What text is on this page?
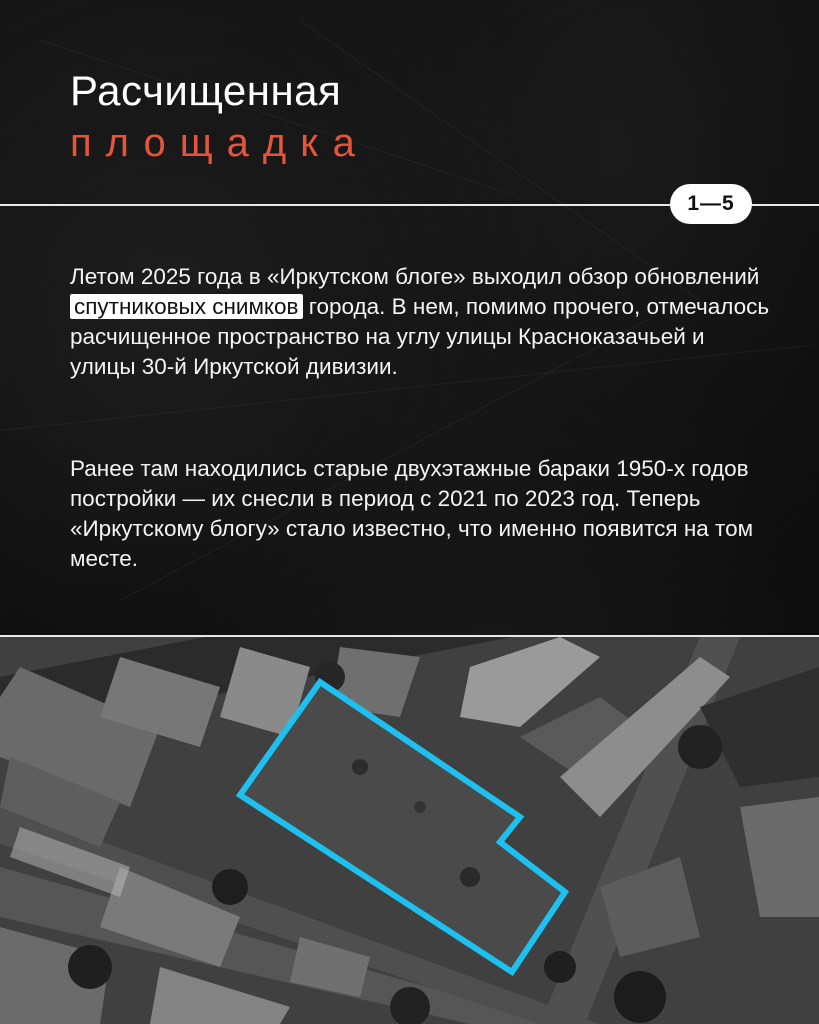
Расчищенная
площадка
1—5
Летом 2025 года в «Иркутском блоге» выходил обзор обновлений спутниковых снимков города. В нем, помимо прочего, отмечалось расчищенное пространство на углу улицы Красноказачьей и улицы 30-й Иркутской дивизии.
Ранее там находились старые двухэтажные бараки 1950-х годов постройки — их снесли в период с 2021 по 2023 год. Теперь «Иркутскому блогу» стало известно, что именно появится на том месте.
